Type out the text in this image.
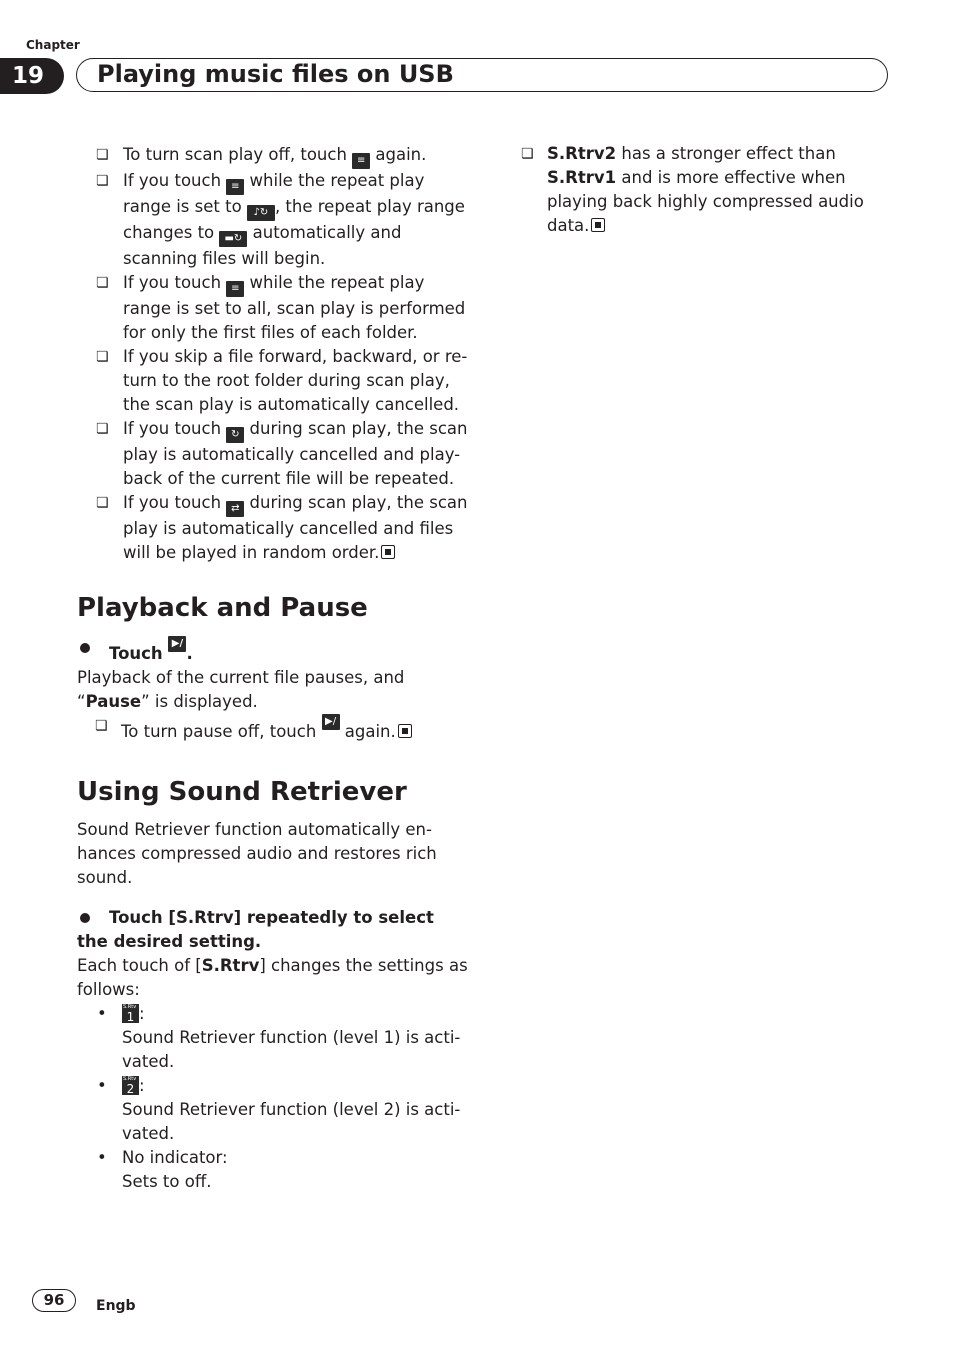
Chapter
19	Playing music files on USB
❏ To turn scan play off, touch ≡ again.
❏ If you touch ≡ while the repeat play range is set to ♪↻ , the repeat play range changes to ▬↻ automatically and scanning files will begin.
❏ If you touch ≡ while the repeat play range is set to all, scan play is performed for only the first files of each folder.
❏ If you skip a file forward, backward, or re-turn to the root folder during scan play, the scan play is automatically cancelled.
❏ If you touch ↻ during scan play, the scan play is automatically cancelled and play-back of the current file will be repeated.
❏ If you touch ⇄ during scan play, the scan play is automatically cancelled and files will be played in random order.
Playback and Pause
Touch ▶/❚ .
Playback of the current file pauses, and “Pause” is displayed.
❏ To turn pause off, touch ▶/❚ again.
Using Sound Retriever
Sound Retriever function automatically en-hances compressed audio and restores rich sound.
Touch [S.Rtrv] repeatedly to select the desired setting.
Each touch of [S.Rtrv] changes the settings as follows:
• S.Rtv
1 :
Sound Retriever function (level 1) is acti-vated.
• S.Rtv
2 :
Sound Retriever function (level 2) is acti-vated.
• No indicator:
Sets to off.
❏ S.Rtrv2 has a stronger effect than S.Rtrv1 and is more effective when playing back highly compressed audio data.
96	Engb
